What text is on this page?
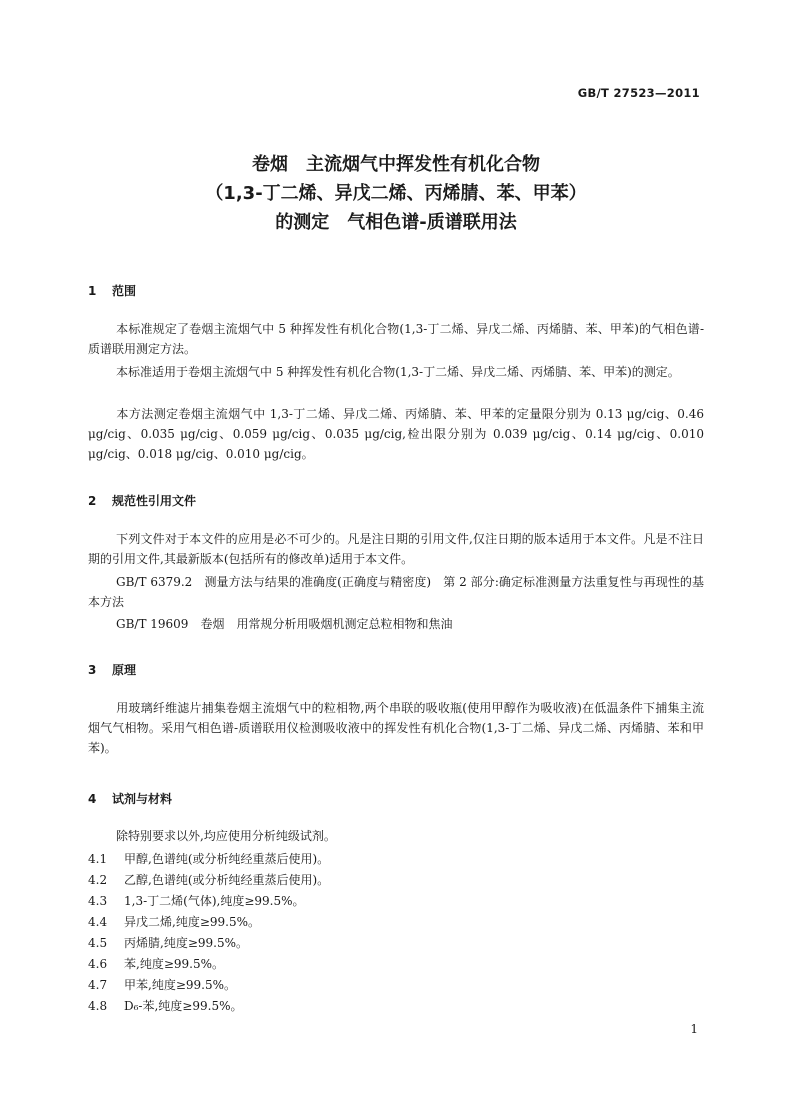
GB/T 27523—2011
卷烟　主流烟气中挥发性有机化合物
（1,3-丁二烯、异戊二烯、丙烯腈、苯、甲苯）
的测定　气相色谱-质谱联用法
1 范围
本标准规定了卷烟主流烟气中 5 种挥发性有机化合物(1,3-丁二烯、异戊二烯、丙烯腈、苯、甲苯)的气相色谱-质谱联用测定方法。
本标准适用于卷烟主流烟气中 5 种挥发性有机化合物(1,3-丁二烯、异戊二烯、丙烯腈、苯、甲苯)的测定。
本方法测定卷烟主流烟气中 1,3-丁二烯、异戊二烯、丙烯腈、苯、甲苯的定量限分别为 0.13 μg/cig、0.46 μg/cig、0.035 μg/cig、0.059 μg/cig、0.035 μg/cig,检出限分别为 0.039 μg/cig、0.14 μg/cig、0.010 μg/cig、0.018 μg/cig、0.010 μg/cig。
2 规范性引用文件
下列文件对于本文件的应用是必不可少的。凡是注日期的引用文件,仅注日期的版本适用于本文件。凡是不注日期的引用文件,其最新版本(包括所有的修改单)适用于本文件。
GB/T 6379.2　测量方法与结果的准确度(正确度与精密度)　第 2 部分:确定标准测量方法重复性与再现性的基本方法
GB/T 19609　卷烟　用常规分析用吸烟机测定总粒相物和焦油
3 原理
用玻璃纤维滤片捕集卷烟主流烟气中的粒相物,两个串联的吸收瓶(使用甲醇作为吸收液)在低温条件下捕集主流烟气气相物。采用气相色谱-质谱联用仪检测吸收液中的挥发性有机化合物(1,3-丁二烯、异戊二烯、丙烯腈、苯和甲苯)。
4 试剂与材料
除特别要求以外,均应使用分析纯级试剂。
4.1 甲醇,色谱纯(或分析纯经重蒸后使用)。
4.2 乙醇,色谱纯(或分析纯经重蒸后使用)。
4.3 1,3-丁二烯(气体),纯度≥99.5%。
4.4 异戊二烯,纯度≥99.5%。
4.5 丙烯腈,纯度≥99.5%。
4.6 苯,纯度≥99.5%。
4.7 甲苯,纯度≥99.5%。
4.8 D₆-苯,纯度≥99.5%。
1
